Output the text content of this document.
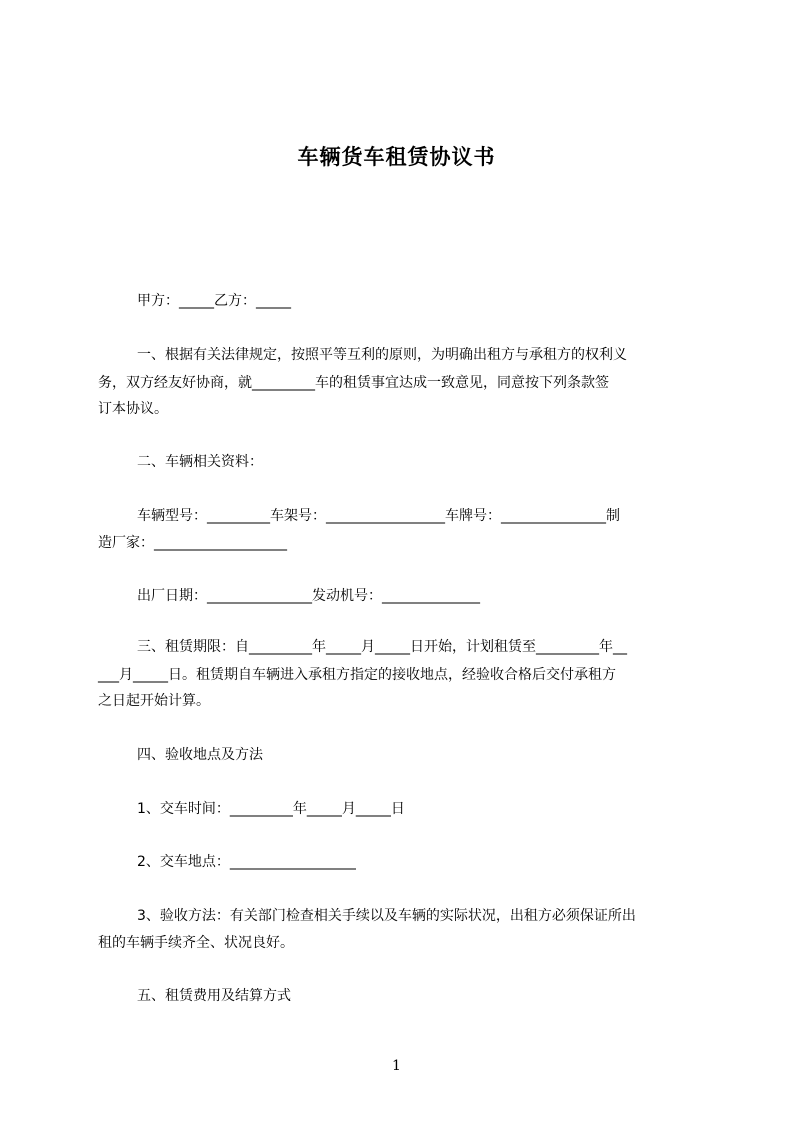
车辆货车租赁协议书
甲方：_____乙方：_____
一、根据有关法律规定，按照平等互利的原则，为明确出租方与承租方的权利义
务，双方经友好协商，就_________车的租赁事宜达成一致意见，同意按下列条款签
订本协议。
二、车辆相关资料：
车辆型号：_________车架号：_________________车牌号：_______________制
造厂家：___________________
出厂日期：_______________发动机号：______________
三、租赁期限：自_________年_____月_____日开始，计划租赁至_________年__
___月_____日。租赁期自车辆进入承租方指定的接收地点，经验收合格后交付承租方
之日起开始计算。
四、验收地点及方法
1、交车时间：_________年_____月_____日
2、交车地点：__________________
3、验收方法：有关部门检查相关手续以及车辆的实际状况，出租方必须保证所出
租的车辆手续齐全、状况良好。
五、租赁费用及结算方式
1
